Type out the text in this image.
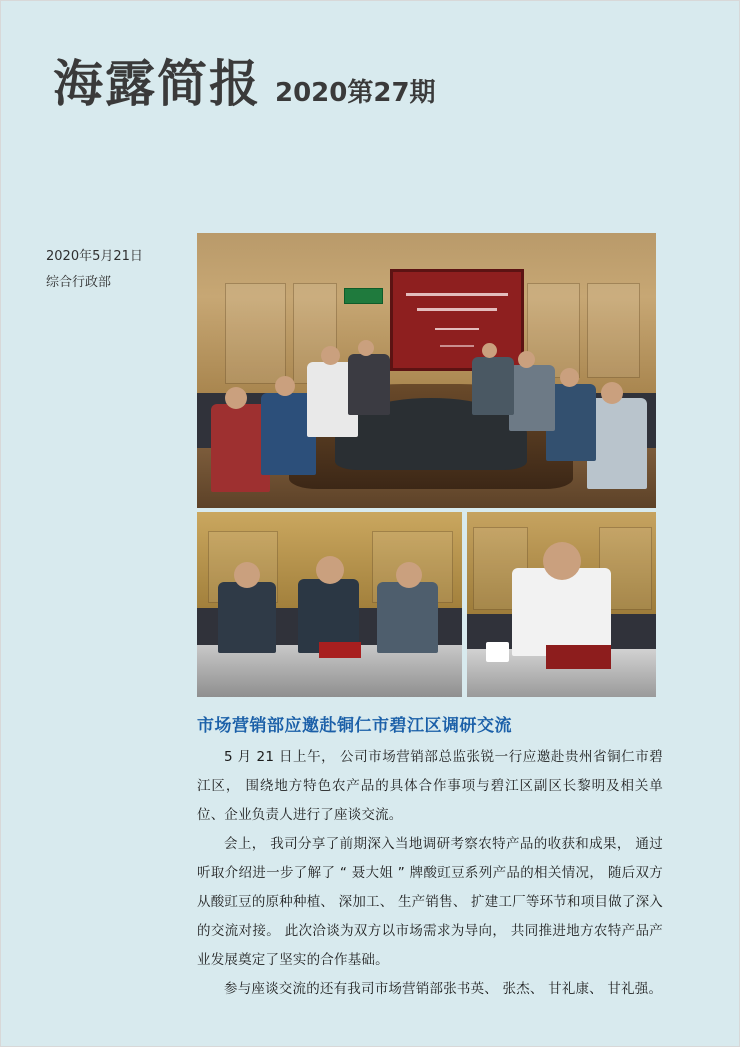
海露简报 2020第27期
2020年5月21日
综合行政部
市场营销部应邀赴铜仁市碧江区调研交流

5 月 21 日上午， 公司市场营销部总监张锐一行应邀赴贵州省铜仁市碧江区， 围绕地方特色农产品的具体合作事项与碧江区副区长黎明及相关单位、企业负责人进行了座谈交流。

会上， 我司分享了前期深入当地调研考察农特产品的收获和成果， 通过听取介绍进一步了解了 “ 聂大姐 ” 牌酸豇豆系列产品的相关情况， 随后双方从酸豇豆的原种种植、 深加工、 生产销售、 扩建工厂等环节和项目做了深入的交流对接。 此次洽谈为双方以市场需求为导向， 共同推进地方农特产品产业发展奠定了坚实的合作基础。

参与座谈交流的还有我司市场营销部张书英、 张杰、 甘礼康、 甘礼强。
